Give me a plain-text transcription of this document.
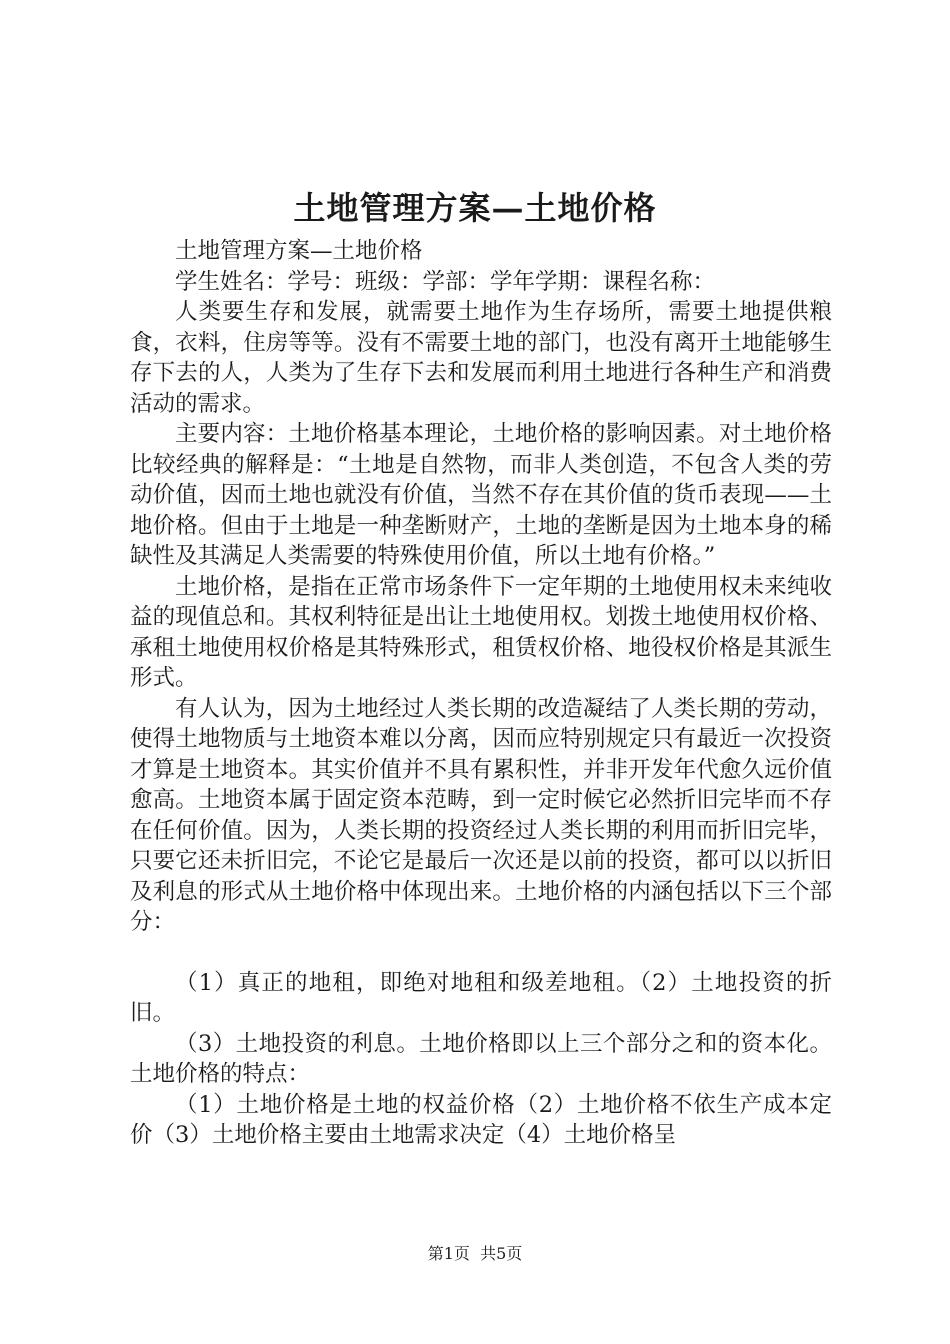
土地管理方案—土地价格

土地管理方案—土地价格

学生姓名：学号：班级：学部：学年学期：课程名称：

人类要生存和发展，就需要土地作为生存场所，需要土地提供粮食，衣料，住房等等。没有不需要土地的部门，也没有离开土地能够生存下去的人，人类为了生存下去和发展而利用土地进行各种生产和消费活动的需求。

主要内容：土地价格基本理论，土地价格的影响因素。对土地价格比较经典的解释是：“土地是自然物，而非人类创造，不包含人类的劳动价值，因而土地也就没有价值，当然不存在其价值的货币表现——土地价格。但由于土地是一种垄断财产，土地的垄断是因为土地本身的稀缺性及其满足人类需要的特殊使用价值，所以土地有价格。”

土地价格，是指在正常市场条件下一定年期的土地使用权未来纯收益的现值总和。其权利特征是出让土地使用权。划拨土地使用权价格、承租土地使用权价格是其特殊形式，租赁权价格、地役权价格是其派生形式。

有人认为，因为土地经过人类长期的改造凝结了人类长期的劳动，使得土地物质与土地资本难以分离，因而应特别规定只有最近一次投资才算是土地资本。其实价值并不具有累积性，并非开发年代愈久远价值愈高。土地资本属于固定资本范畴，到一定时候它必然折旧完毕而不存在任何价值。因为，人类长期的投资经过人类长期的利用而折旧完毕，只要它还未折旧完，不论它是最后一次还是以前的投资，都可以以折旧及利息的形式从土地价格中体现出来。土地价格的内涵包括以下三个部分：

（1）真正的地租，即绝对地租和级差地租。（2）土地投资的折旧。

（3）土地投资的利息。土地价格即以上三个部分之和的资本化。土地价格的特点：

（1）土地价格是土地的权益价格（2）土地价格不依生产成本定价（3）土地价格主要由土地需求决定（4）土地价格呈

第1页  共5页
